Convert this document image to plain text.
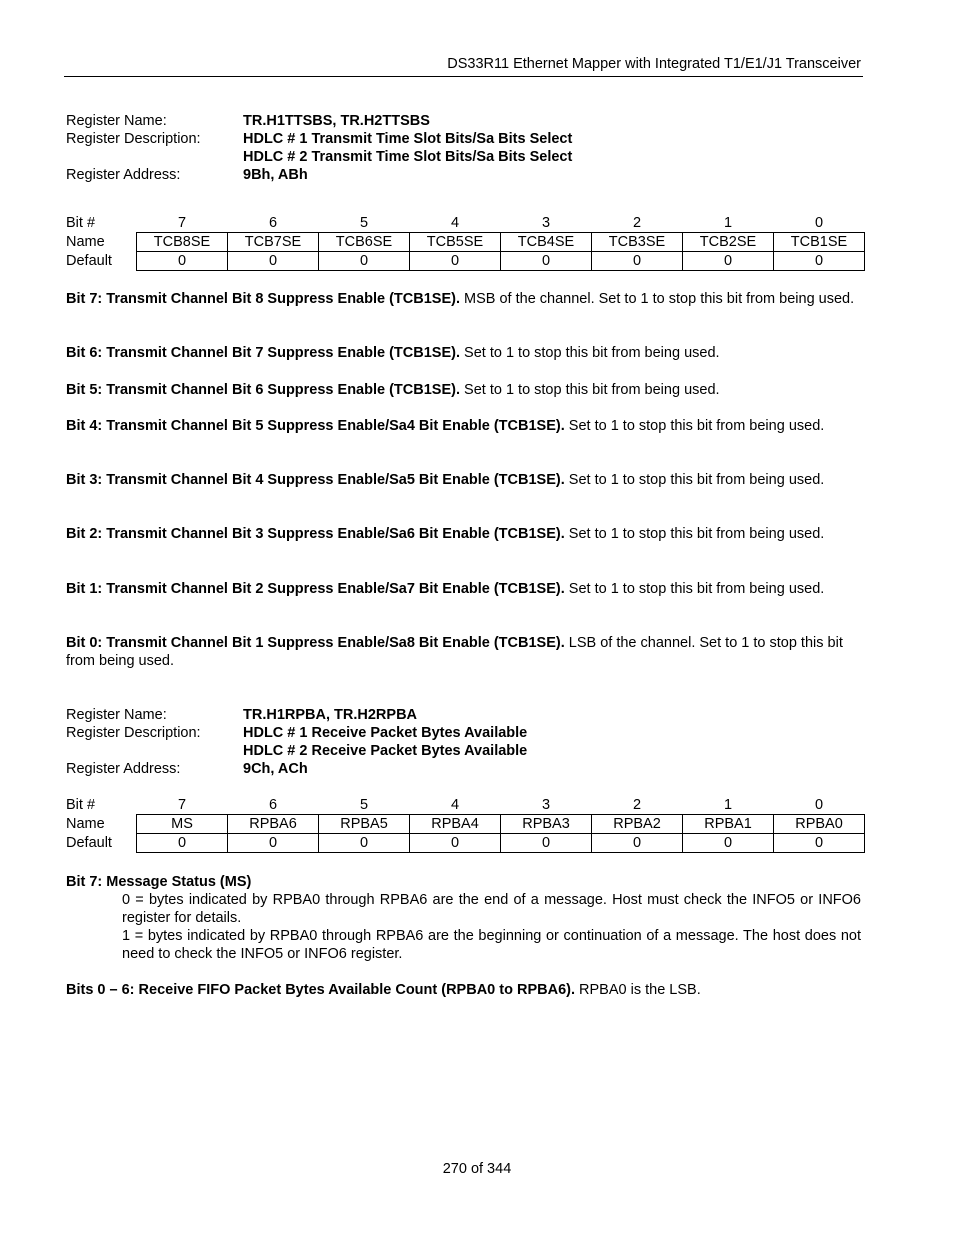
DS33R11 Ethernet Mapper with Integrated T1/E1/J1 Transceiver
Register Name:	TR.H1TTSBS, TR.H2TTSBS
Register Description:	HDLC # 1 Transmit Time Slot Bits/Sa Bits Select
HDLC # 2 Transmit Time Slot Bits/Sa Bits Select
Register Address:	9Bh, ABh
Bit #	7	6	5	4	3	2	1	0
Name	TCB8SE	TCB7SE	TCB6SE	TCB5SE	TCB4SE	TCB3SE	TCB2SE	TCB1SE
Default	0	0	0	0	0	0	0	0
Bit 7: Transmit Channel Bit 8 Suppress Enable (TCB1SE). MSB of the channel. Set to 1 to stop this bit from being used.
Bit 6: Transmit Channel Bit 7 Suppress Enable (TCB1SE). Set to 1 to stop this bit from being used.
Bit 5: Transmit Channel Bit 6 Suppress Enable (TCB1SE). Set to 1 to stop this bit from being used.
Bit 4: Transmit Channel Bit 5 Suppress Enable/Sa4 Bit Enable (TCB1SE). Set to 1 to stop this bit from being used.
Bit 3: Transmit Channel Bit 4 Suppress Enable/Sa5 Bit Enable (TCB1SE). Set to 1 to stop this bit from being used.
Bit 2: Transmit Channel Bit 3 Suppress Enable/Sa6 Bit Enable (TCB1SE). Set to 1 to stop this bit from being used.
Bit 1: Transmit Channel Bit 2 Suppress Enable/Sa7 Bit Enable (TCB1SE). Set to 1 to stop this bit from being used.
Bit 0: Transmit Channel Bit 1 Suppress Enable/Sa8 Bit Enable (TCB1SE). LSB of the channel. Set to 1 to stop this bit from being used.
Register Name:	TR.H1RPBA, TR.H2RPBA
Register Description:	HDLC # 1 Receive Packet Bytes Available
HDLC # 2 Receive Packet Bytes Available
Register Address:	9Ch, ACh
Bit #	7	6	5	4	3	2	1	0
Name	MS	RPBA6	RPBA5	RPBA4	RPBA3	RPBA2	RPBA1	RPBA0
Default	0	0	0	0	0	0	0	0
Bit 7: Message Status (MS)
0 = bytes indicated by RPBA0 through RPBA6 are the end of a message. Host must check the INFO5 or INFO6 register for details.
1 = bytes indicated by RPBA0 through RPBA6 are the beginning or continuation of a message. The host does not need to check the INFO5 or INFO6 register.
Bits 0 – 6: Receive FIFO Packet Bytes Available Count (RPBA0 to RPBA6). RPBA0 is the LSB.
270 of 344
